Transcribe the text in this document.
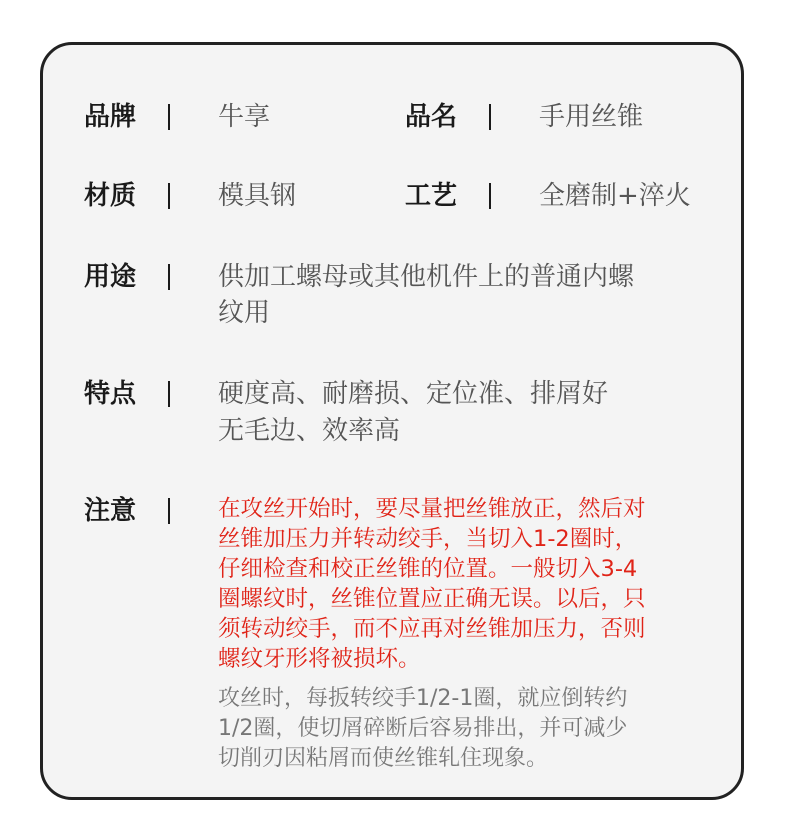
品牌	牛享	品名	手用丝锥
材质	模具钢	工艺	全磨制+淬火
用途	供加工螺母或其他机件上的普通内螺
纹用
特点	硬度高、耐磨损、定位准、排屑好
无毛边、效率高
注意	在攻丝开始时，要尽量把丝锥放正，然后对
丝锥加压力并转动绞手，当切入1-2圈时，
仔细检查和校正丝锥的位置。一般切入3-4
圈螺纹时，丝锥位置应正确无误。以后，只
须转动绞手，而不应再对丝锥加压力，否则
螺纹牙形将被损坏。
攻丝时，每扳转绞手1/2-1圈，就应倒转约
1/2圈，使切屑碎断后容易排出，并可减少
切削刃因粘屑而使丝锥轧住现象。
